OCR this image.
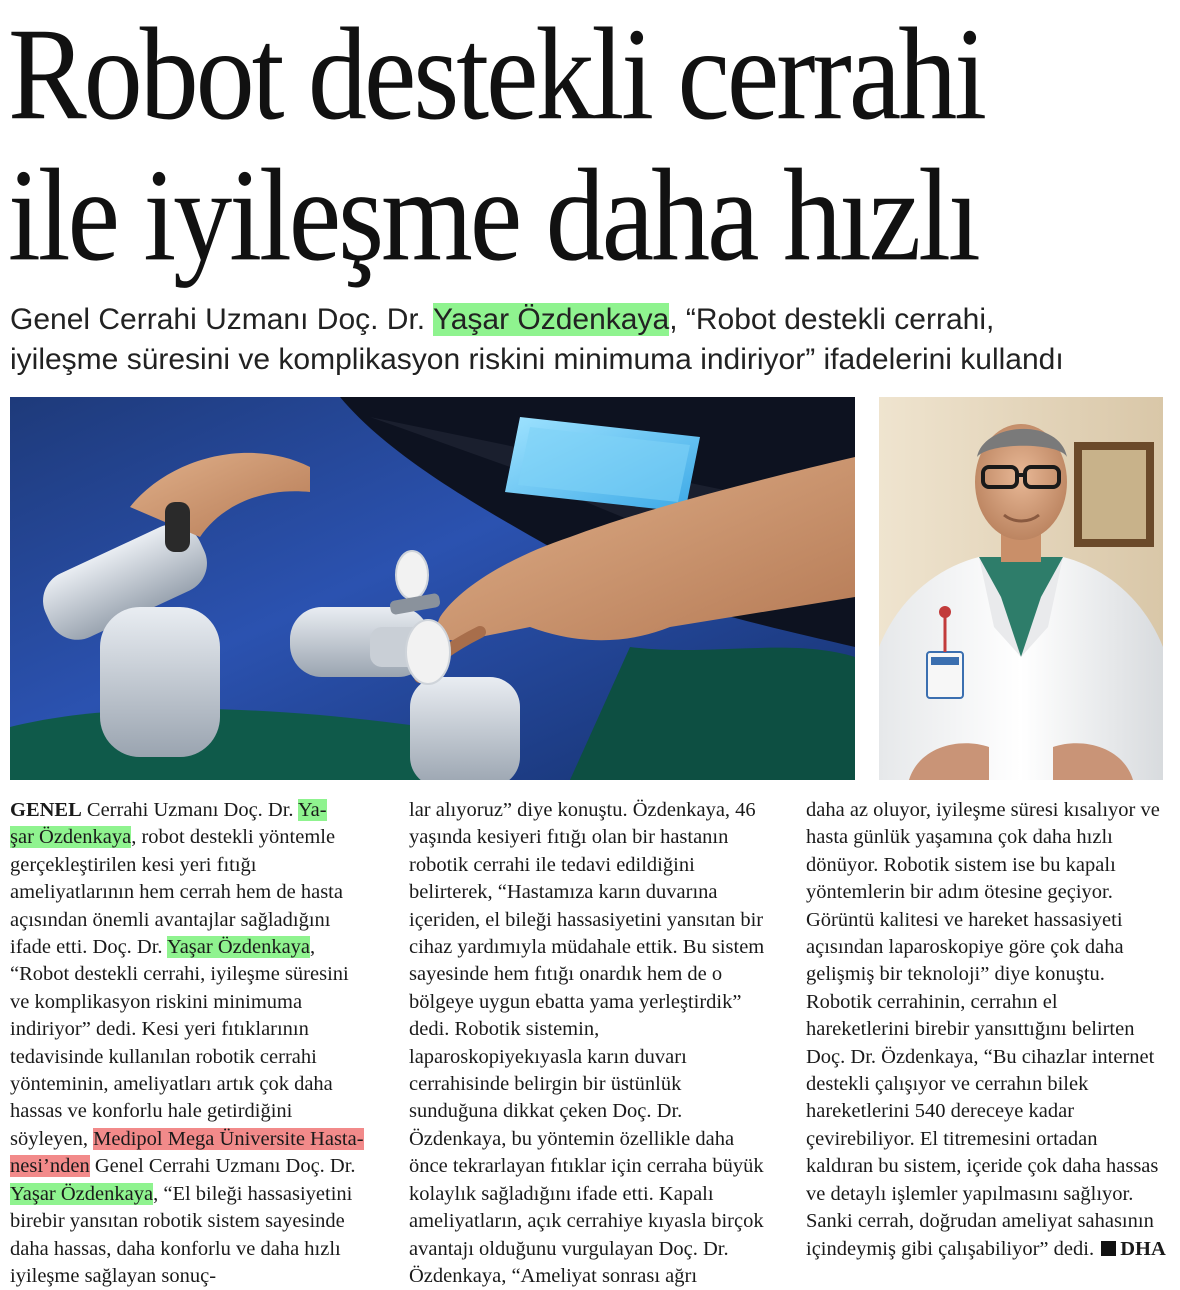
Robot destekli cerrahi
ile iyileşme daha hızlı

Genel Cerrahi Uzmanı Doç. Dr. Yaşar Özdenkaya, “Robot destekli cerrahi,
iyileşme süresini ve komplikasyon riskini minimuma indiriyor” ifadelerini kullandı

GENEL Cerrahi Uzmanı Doç. Dr. Ya-
şar Özdenkaya, robot destekli yöntemle gerçekleştirilen kesi yeri fıtığı ameliyatlarının hem cerrah hem de hasta açısından önemli avantajlar sağladığını ifade etti. Doç. Dr. Yaşar Özdenkaya, “Robot destekli cerrahi, iyileşme süresini ve komplikasyon riskini minimuma indiriyor” dedi. Kesi yeri fıtıklarının tedavisinde kullanılan robotik cerrahi yönteminin, ameliyatları artık çok daha hassas ve konforlu hale getirdiğini söyleyen, Medipol Mega Üniversite Hasta-
nesi’nden Genel Cerrahi Uzmanı Doç. Dr. Yaşar Özdenkaya, “El bileği hassasiyetini birebir yansıtan robotik sistem sayesinde daha hassas, daha konforlu ve daha hızlı iyileşme sağlayan sonuç-

lar alıyoruz” diye konuştu. Özdenkaya, 46 yaşında kesiyeri fıtığı olan bir hastanın robotik cerrahi ile tedavi edildiğini belirterek, “Hastamıza karın duvarına içeriden, el bileği hassasiyetini yansıtan bir cihaz yardımıyla müdahale ettik. Bu sistem sayesinde hem fıtığı onardık hem de o bölgeye uygun ebatta yama yerleştirdik” dedi. Robotik sistemin, laparoskopiyekıyasla karın duvarı cerrahisinde belirgin bir üstünlük sunduğuna dikkat çeken Doç. Dr. Özdenkaya, bu yöntemin özellikle daha önce tekrarlayan fıtıklar için cerraha büyük kolaylık sağladığını ifade etti. Kapalı ameliyatların, açık cerrahiye kıyasla birçok avantajı olduğunu vurgulayan Doç. Dr. Özdenkaya, “Ameliyat sonrası ağrı

daha az oluyor, iyileşme süresi kısalıyor ve hasta günlük yaşamına çok daha hızlı dönüyor. Robotik sistem ise bu kapalı yöntemlerin bir adım ötesine geçiyor. Görüntü kalitesi ve hareket hassasiyeti açısından laparoskopiye göre çok daha gelişmiş bir teknoloji” diye konuştu. Robotik cerrahinin, cerrahın el hareketlerini birebir yansıttığını belirten Doç. Dr. Özdenkaya, “Bu cihazlar internet destekli çalışıyor ve cerrahın bilek hareketlerini 540 dereceye kadar çevirebiliyor. El titremesini ortadan kaldıran bu sistem, içeride çok daha hassas ve detaylı işlemler yapılmasını sağlıyor. Sanki cerrah, doğrudan ameliyat sahasının içindeymiş gibi çalışabiliyor” dedi. DHA
